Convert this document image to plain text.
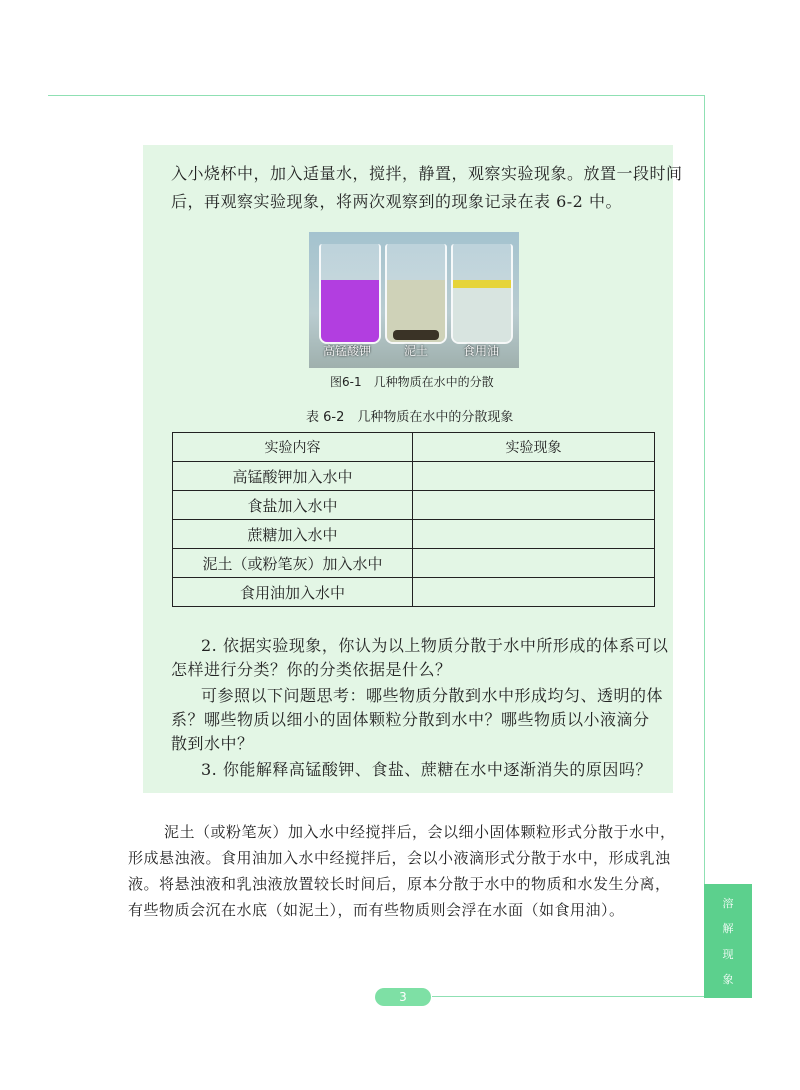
入小烧杯中，加入适量水，搅拌，静置，观察实验现象。放置一段时间

后，再观察实验现象，将两次观察到的现象记录在表 6-2 中。

高锰酸钾	泥土	食用油
图6-1　几种物质在水中的分散
表 6-2　几种物质在水中的分散现象
实验内容	实验现象
高锰酸钾加入水中	
食盐加入水中	
蔗糖加入水中	
泥土（或粉笔灰）加入水中	
食用油加入水中	

2. 依据实验现象，你认为以上物质分散于水中所形成的体系可以

怎样进行分类？你的分类依据是什么？

可参照以下问题思考：哪些物质分散到水中形成均匀、透明的体

系？哪些物质以细小的固体颗粒分散到水中？哪些物质以小液滴分

散到水中？

3. 你能解释高锰酸钾、食盐、蔗糖在水中逐渐消失的原因吗？

泥土（或粉笔灰）加入水中经搅拌后，会以细小固体颗粒形式分散于水中，

形成悬浊液。食用油加入水中经搅拌后，会以小液滴形式分散于水中，形成乳浊

液。将悬浊液和乳浊液放置较长时间后，原本分散于水中的物质和水发生分离，

有些物质会沉在水底（如泥土），而有些物质则会浮在水面（如食用油）。

3
溶
解
现
象
